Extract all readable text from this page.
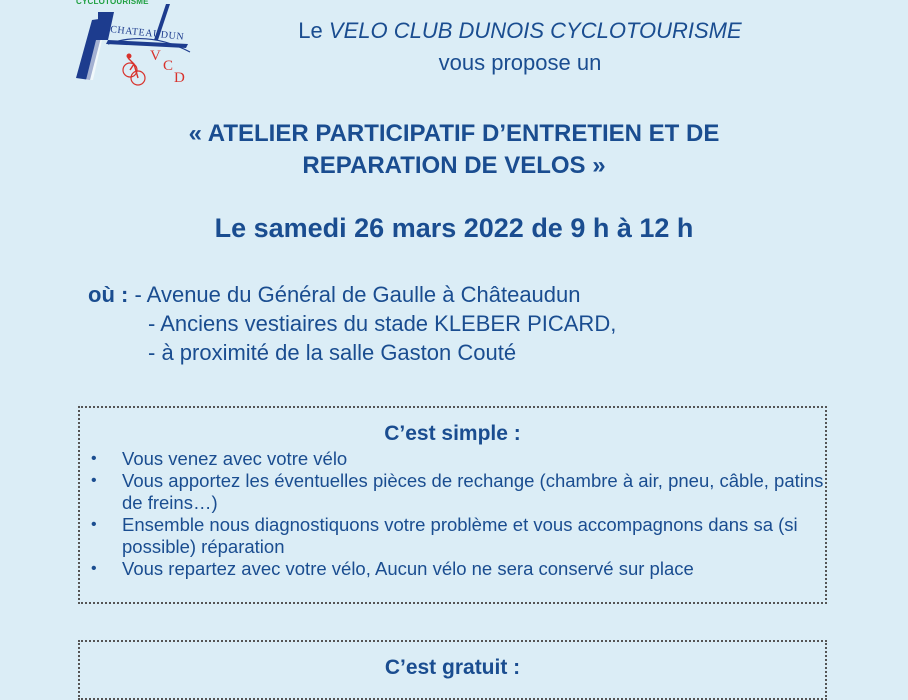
CYCLOTOURISME
CHATEAUDUN
V
C
D
Le VELO CLUB DUNOIS CYCLOTOURISME
vous propose un
« ATELIER PARTICIPATIF D’ENTRETIEN ET DE
REPARATION DE VELOS »
Le samedi 26 mars 2022 de 9 h à 12 h
où : - Avenue du Général de Gaulle à Châteaudun
- Anciens vestiaires du stade KLEBER PICARD,
- à proximité de la salle Gaston Couté
C’est simple :
• Vous venez avec votre vélo
• Vous apportez les éventuelles pièces de rechange (chambre à air, pneu, câble, patins de freins…)
• Ensemble nous diagnostiquons votre problème et vous accompagnons dans sa (si possible) réparation
• Vous repartez avec votre vélo, Aucun vélo ne sera conservé sur place
C’est gratuit :
